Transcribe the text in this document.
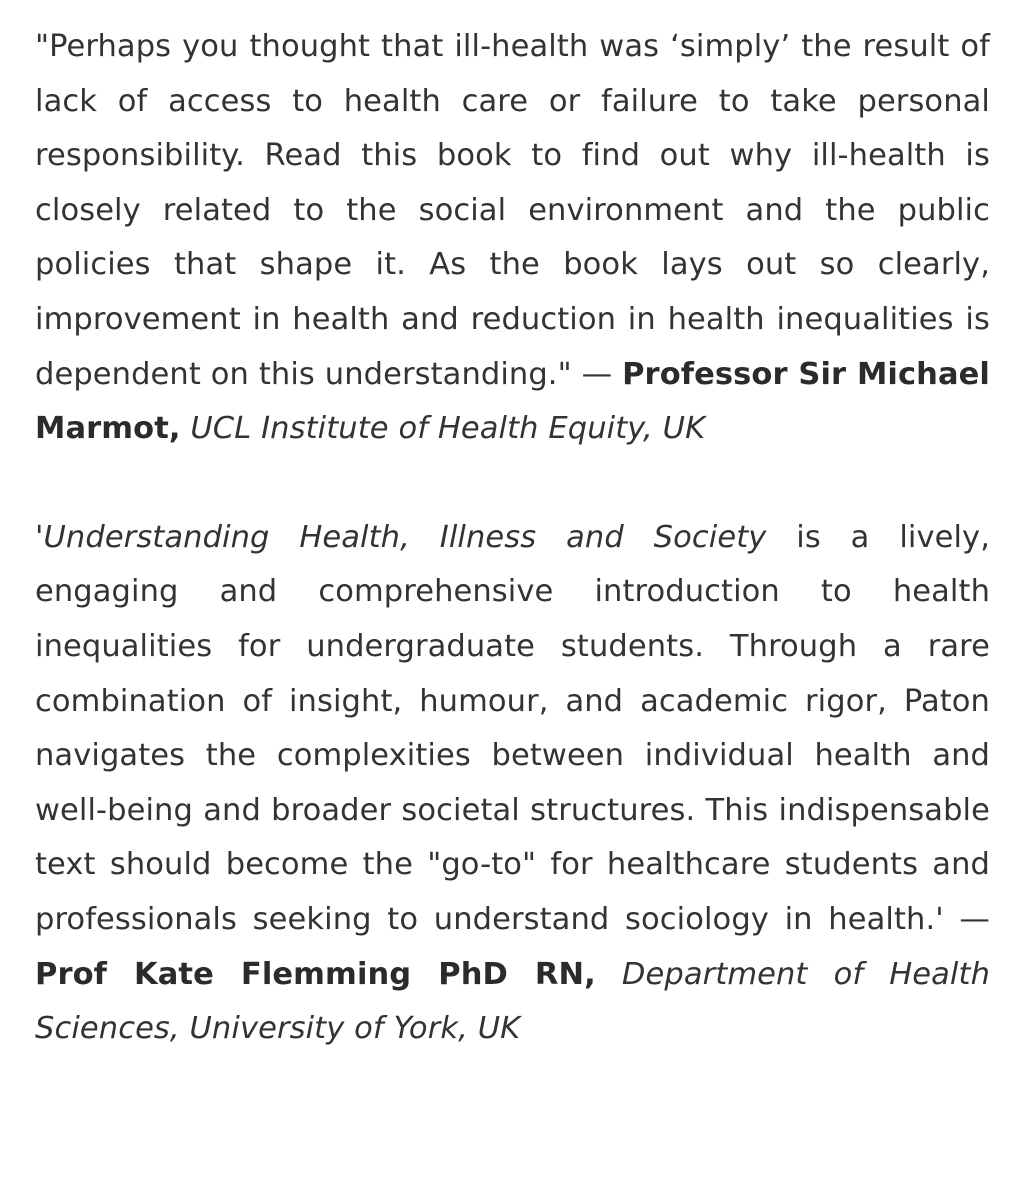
"Perhaps you thought that ill-health was ‘simply’ the result of lack of access to health care or failure to take personal responsibility. Read this book to find out why ill-health is closely related to the social environment and the public policies that shape it. As the book lays out so clearly, improvement in health and reduction in health inequalities is dependent on this understanding." — Professor Sir Michael Marmot, UCL Institute of Health Equity, UK

'Understanding Health, Illness and Society is a lively, engaging and comprehensive introduction to health inequalities for undergraduate students. Through a rare combination of insight, humour, and academic rigor, Paton navigates the complexities between individual health and well-being and broader societal structures. This indispensable text should become the "go-to" for healthcare students and professionals seeking to understand sociology in health.' — Prof Kate Flemming PhD RN, Department of Health Sciences, University of York, UK
